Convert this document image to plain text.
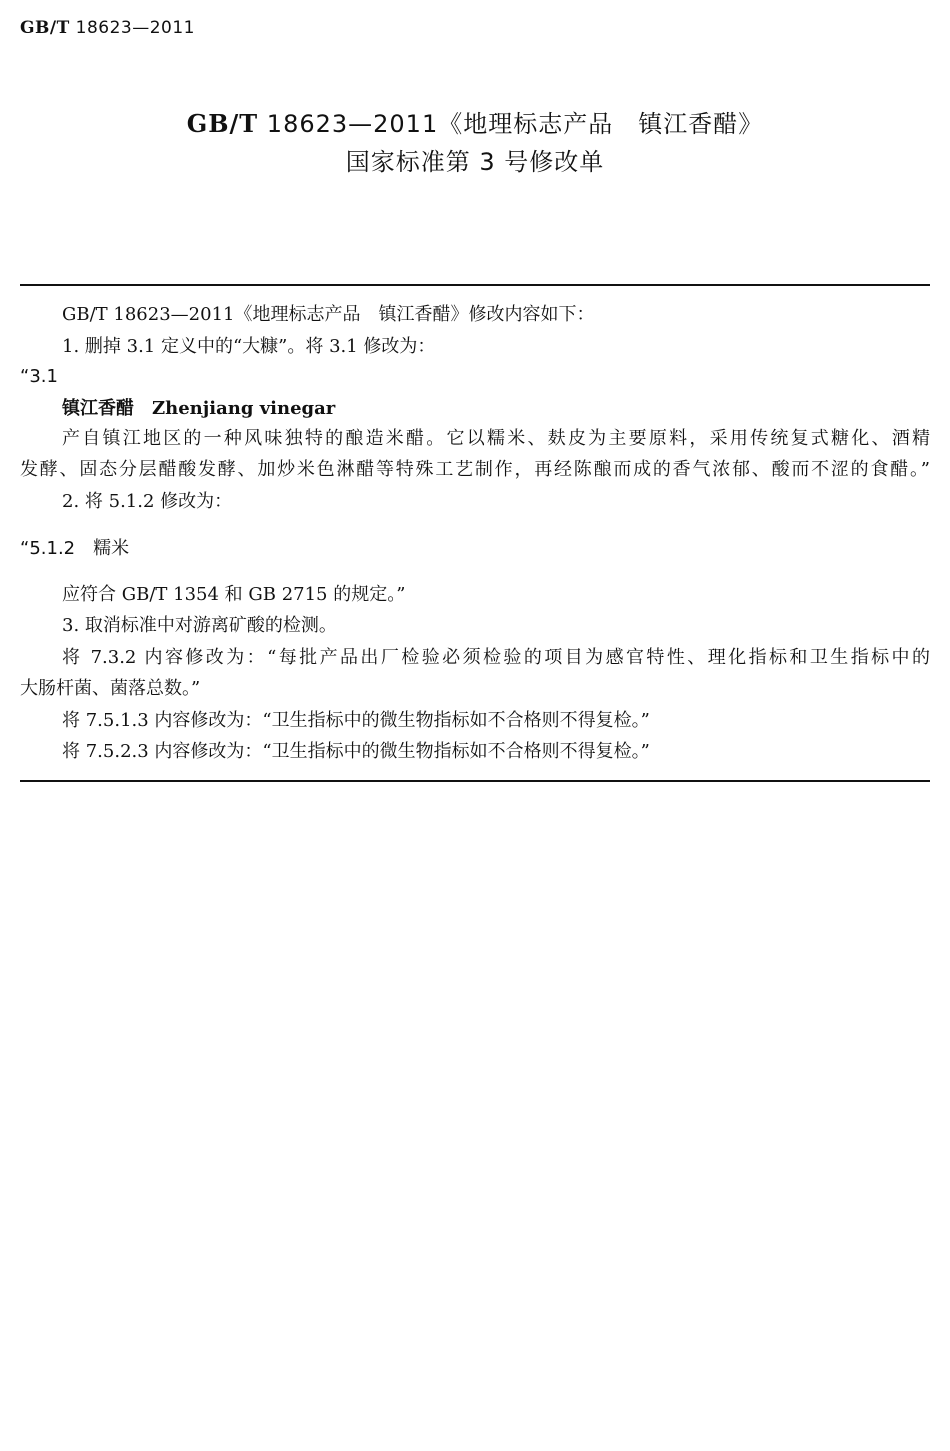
GB/T 18623—2011
GB/T 18623—2011《地理标志产品　镇江香醋》
国家标准第 3 号修改单
GB/T 18623—2011《地理标志产品　镇江香醋》修改内容如下：
1. 删掉 3.1 定义中的“大糠”。将 3.1 修改为：
“3.1
镇江香醋 Zhenjiang vinegar
产自镇江地区的一种风味独特的酿造米醋。它以糯米、麸皮为主要原料，采用传统复式糖化、酒精
发酵、固态分层醋酸发酵、加炒米色淋醋等特殊工艺制作，再经陈酿而成的香气浓郁、酸而不涩的食醋。”
2. 将 5.1.2 修改为：
“5.1.2 糯米
应符合 GB/T 1354 和 GB 2715 的规定。”
3. 取消标准中对游离矿酸的检测。
将 7.3.2 内容修改为：“每批产品出厂检验必须检验的项目为感官特性、理化指标和卫生指标中的
大肠杆菌、菌落总数。”
将 7.5.1.3 内容修改为：“卫生指标中的微生物指标如不合格则不得复检。”
将 7.5.2.3 内容修改为：“卫生指标中的微生物指标如不合格则不得复检。”
